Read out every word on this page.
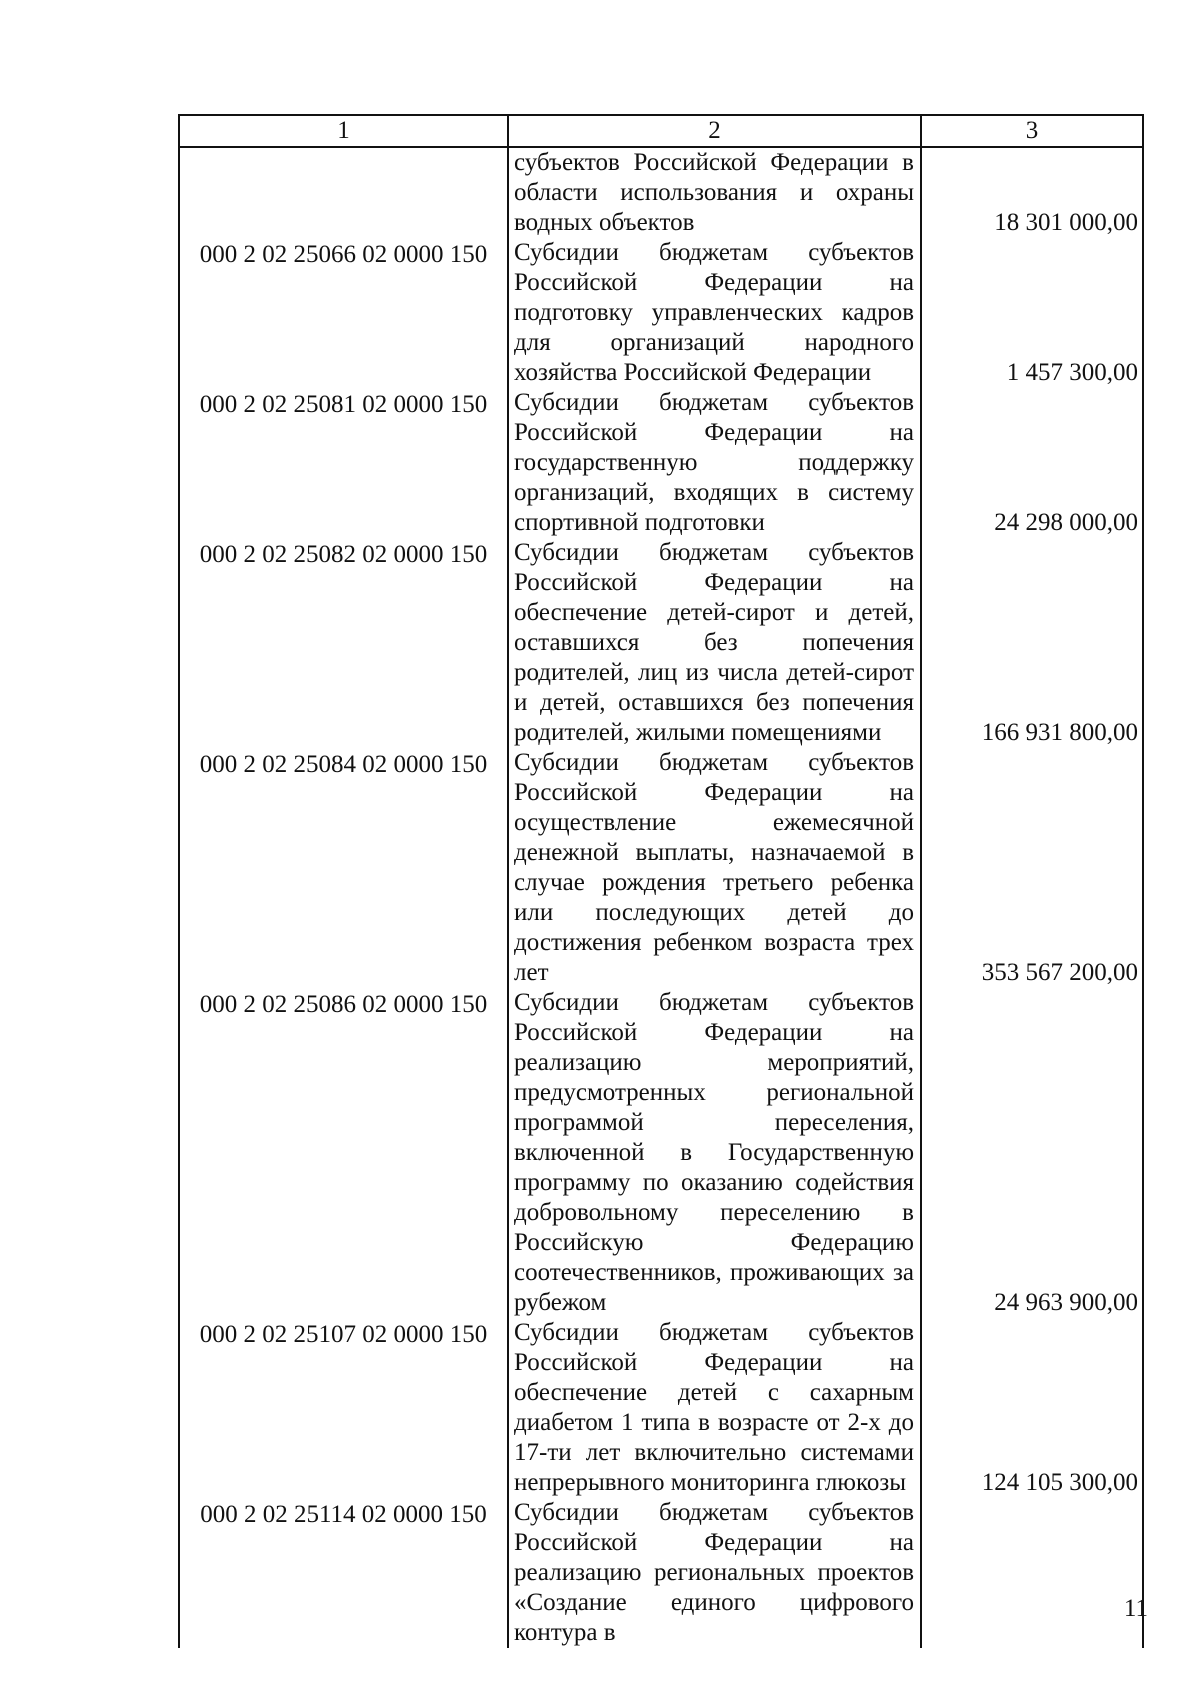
1	2	3
	субъектов Российской Федерации в области использования и охраны водных объектов	18 301 000,00
000 2 02 25066 02 0000 150	Субсидии бюджетам субъектов Российской Федерации на подготовку управленческих кадров для организаций народного хозяйства Российской Федерации	1 457 300,00
000 2 02 25081 02 0000 150	Субсидии бюджетам субъектов Российской Федерации на государственную поддержку организаций, входящих в систему спортивной подготовки	24 298 000,00
000 2 02 25082 02 0000 150	Субсидии бюджетам субъектов Российской Федерации на обеспечение детей-сирот и детей, оставшихся без попечения родителей, лиц из числа детей-сирот и детей, оставшихся без попечения родителей, жилыми помещениями	166 931 800,00
000 2 02 25084 02 0000 150	Субсидии бюджетам субъектов Российской Федерации на осуществление ежемесячной денежной выплаты, назначаемой в случае рождения третьего ребенка или последующих детей до достижения ребенком возраста трех лет	353 567 200,00
000 2 02 25086 02 0000 150	Субсидии бюджетам субъектов Российской Федерации на реализацию мероприятий, предусмотренных региональной программой переселения, включенной в Государственную программу по оказанию содействия добровольному переселению в Российскую Федерацию соотечественников, проживающих за рубежом	24 963 900,00
000 2 02 25107 02 0000 150	Субсидии бюджетам субъектов Российской Федерации на обеспечение детей с сахарным диабетом 1 типа в возрасте от 2-х до 17-ти лет включительно системами непрерывного мониторинга глюкозы	124 105 300,00
000 2 02 25114 02 0000 150	Субсидии бюджетам субъектов Российской Федерации на реализацию региональных проектов «Создание единого цифрового контура в	
11
